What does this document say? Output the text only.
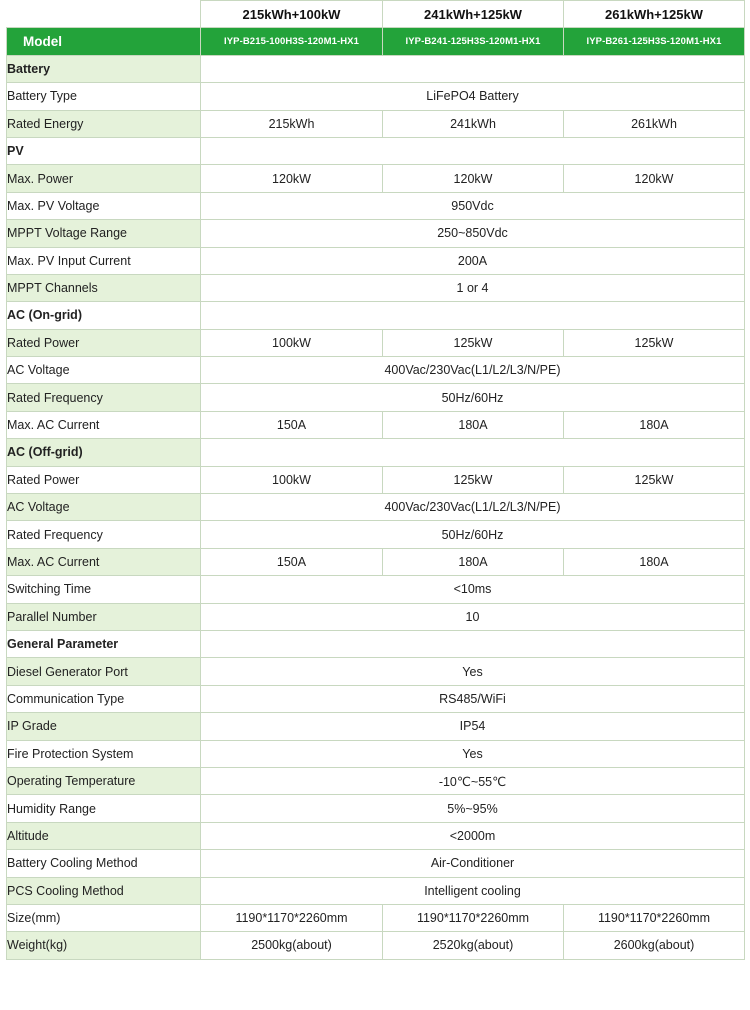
	215kWh+100kW	241kWh+125kW	261kWh+125kW
Model	IYP-B215-100H3S-120M1-HX1	IYP-B241-125H3S-120M1-HX1	IYP-B261-125H3S-120M1-HX1
Battery			
Battery Type	LiFePO4 Battery		
Rated Energy	215kWh	241kWh	261kWh
PV			
Max. Power	120kW	120kW	120kW
Max. PV Voltage	950Vdc		
MPPT Voltage Range	250~850Vdc		
Max. PV Input Current	200A		
MPPT Channels	1 or 4		
AC (On-grid)			
Rated Power	100kW	125kW	125kW
AC Voltage	400Vac/230Vac(L1/L2/L3/N/PE)		
Rated Frequency	50Hz/60Hz		
Max. AC Current	150A	180A	180A
AC (Off-grid)			
Rated Power	100kW	125kW	125kW
AC Voltage	400Vac/230Vac(L1/L2/L3/N/PE)		
Rated Frequency	50Hz/60Hz		
Max. AC Current	150A	180A	180A
Switching Time	<10ms		
Parallel Number	10		
General Parameter			
Diesel Generator Port	Yes		
Communication Type	RS485/WiFi		
IP Grade	IP54		
Fire Protection System	Yes		
Operating Temperature	-10℃~55℃		
Humidity Range	5%~95%		
Altitude	<2000m		
Battery Cooling Method	Air-Conditioner		
PCS Cooling Method	Intelligent cooling		
Size(mm)	1190*1170*2260mm	1190*1170*2260mm	1190*1170*2260mm
Weight(kg)	2500kg(about)	2520kg(about)	2600kg(about)
